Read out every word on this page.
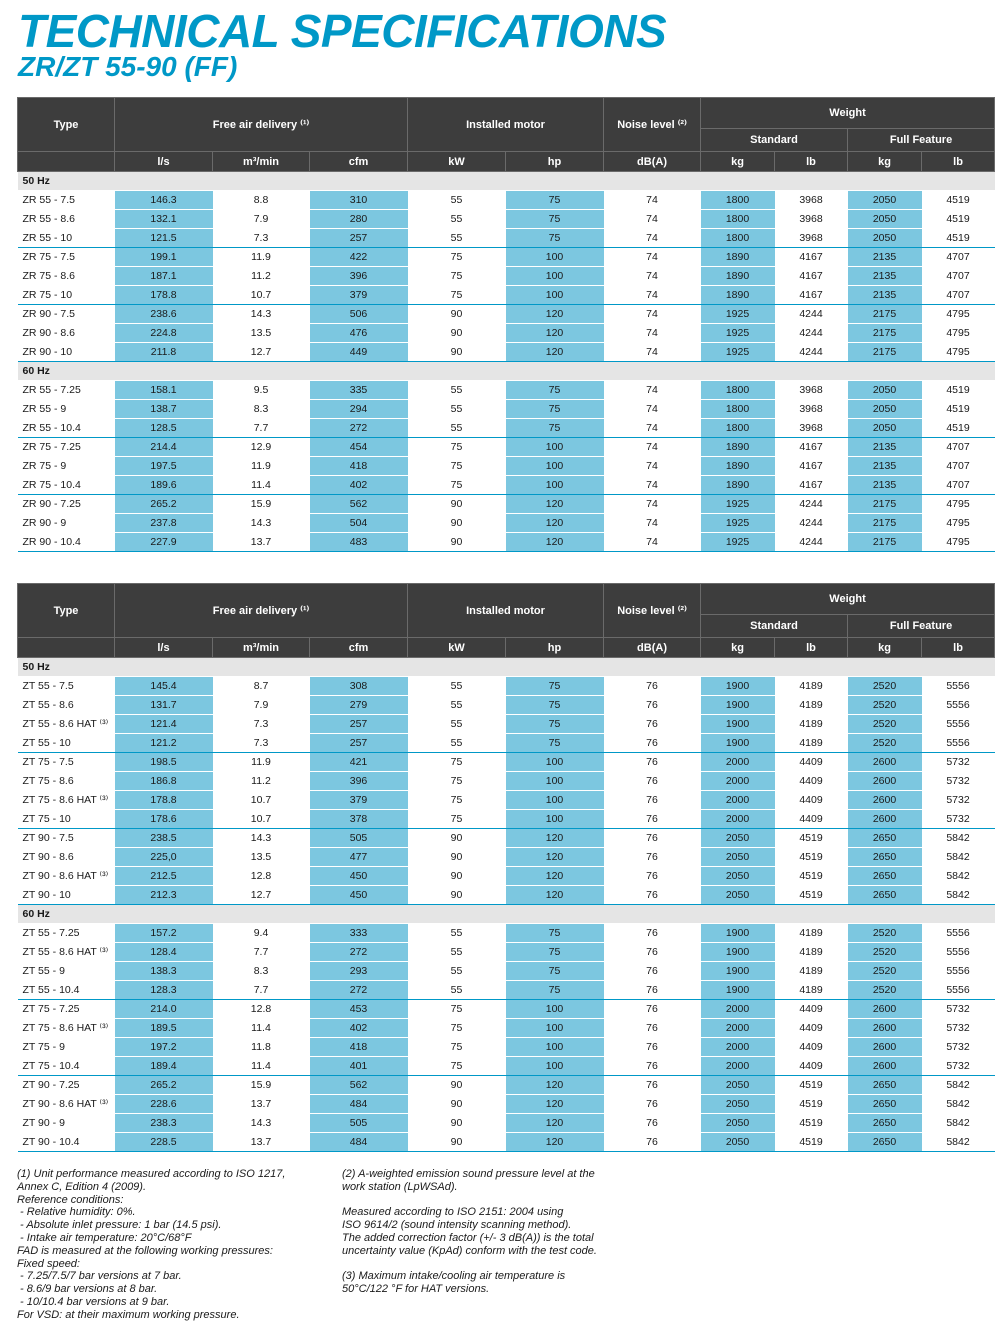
TECHNICAL SPECIFICATIONS
ZR/ZT 55-90 (FF)
Type	Free air delivery ⁽¹⁾			Installed motor		Noise level ⁽²⁾	Weight			
							Standard		Full Feature	
	l/s	m³/min	cfm	kW	hp	dB(A)	kg	lb	kg	lb
50 Hz										
ZR 55 - 7.5	146.3	8.8	310	55	75	74	1800	3968	2050	4519
ZR 55 - 8.6	132.1	7.9	280	55	75	74	1800	3968	2050	4519
ZR 55 - 10	121.5	7.3	257	55	75	74	1800	3968	2050	4519
ZR 75 - 7.5	199.1	11.9	422	75	100	74	1890	4167	2135	4707
ZR 75 - 8.6	187.1	11.2	396	75	100	74	1890	4167	2135	4707
ZR 75 - 10	178.8	10.7	379	75	100	74	1890	4167	2135	4707
ZR 90 - 7.5	238.6	14.3	506	90	120	74	1925	4244	2175	4795
ZR 90 - 8.6	224.8	13.5	476	90	120	74	1925	4244	2175	4795
ZR 90 - 10	211.8	12.7	449	90	120	74	1925	4244	2175	4795
60 Hz										
ZR 55 - 7.25	158.1	9.5	335	55	75	74	1800	3968	2050	4519
ZR 55 - 9	138.7	8.3	294	55	75	74	1800	3968	2050	4519
ZR 55 - 10.4	128.5	7.7	272	55	75	74	1800	3968	2050	4519
ZR 75 - 7.25	214.4	12.9	454	75	100	74	1890	4167	2135	4707
ZR 75 - 9	197.5	11.9	418	75	100	74	1890	4167	2135	4707
ZR 75 - 10.4	189.6	11.4	402	75	100	74	1890	4167	2135	4707
ZR 90 - 7.25	265.2	15.9	562	90	120	74	1925	4244	2175	4795
ZR 90 - 9	237.8	14.3	504	90	120	74	1925	4244	2175	4795
ZR 90 - 10.4	227.9	13.7	483	90	120	74	1925	4244	2175	4795
Type	Free air delivery ⁽¹⁾			Installed motor		Noise level ⁽²⁾	Weight			
							Standard		Full Feature	
	l/s	m³/min	cfm	kW	hp	dB(A)	kg	lb	kg	lb
50 Hz										
ZT 55 - 7.5	145.4	8.7	308	55	75	76	1900	4189	2520	5556
ZT 55 - 8.6	131.7	7.9	279	55	75	76	1900	4189	2520	5556
ZT 55 - 8.6 HAT ⁽³⁾	121.4	7.3	257	55	75	76	1900	4189	2520	5556
ZT 55 - 10	121.2	7.3	257	55	75	76	1900	4189	2520	5556
ZT 75 - 7.5	198.5	11.9	421	75	100	76	2000	4409	2600	5732
ZT 75 - 8.6	186.8	11.2	396	75	100	76	2000	4409	2600	5732
ZT 75 - 8.6 HAT ⁽³⁾	178.8	10.7	379	75	100	76	2000	4409	2600	5732
ZT 75 - 10	178.6	10.7	378	75	100	76	2000	4409	2600	5732
ZT 90 - 7.5	238.5	14.3	505	90	120	76	2050	4519	2650	5842
ZT 90 - 8.6	225,0	13.5	477	90	120	76	2050	4519	2650	5842
ZT 90 - 8.6 HAT ⁽³⁾	212.5	12.8	450	90	120	76	2050	4519	2650	5842
ZT 90 - 10	212.3	12.7	450	90	120	76	2050	4519	2650	5842
60 Hz										
ZT 55 - 7.25	157.2	9.4	333	55	75	76	1900	4189	2520	5556
ZT 55 - 8.6 HAT ⁽³⁾	128.4	7.7	272	55	75	76	1900	4189	2520	5556
ZT 55 - 9	138.3	8.3	293	55	75	76	1900	4189	2520	5556
ZT 55 - 10.4	128.3	7.7	272	55	75	76	1900	4189	2520	5556
ZT 75 - 7.25	214.0	12.8	453	75	100	76	2000	4409	2600	5732
ZT 75 - 8.6 HAT ⁽³⁾	189.5	11.4	402	75	100	76	2000	4409	2600	5732
ZT 75 - 9	197.2	11.8	418	75	100	76	2000	4409	2600	5732
ZT 75 - 10.4	189.4	11.4	401	75	100	76	2000	4409	2600	5732
ZT 90 - 7.25	265.2	15.9	562	90	120	76	2050	4519	2650	5842
ZT 90 - 8.6 HAT ⁽³⁾	228.6	13.7	484	90	120	76	2050	4519	2650	5842
ZT 90 - 9	238.3	14.3	505	90	120	76	2050	4519	2650	5842
ZT 90 - 10.4	228.5	13.7	484	90	120	76	2050	4519	2650	5842
(1) Unit performance measured according to ISO 1217,
Annex C, Edition 4 (2009).
Reference conditions:
- Relative humidity: 0%.
- Absolute inlet pressure: 1 bar (14.5 psi).
- Intake air temperature: 20°C/68°F
FAD is measured at the following working pressures:
Fixed speed:
- 7.25/7.5/7 bar versions at 7 bar.
- 8.6/9 bar versions at 8 bar.
- 10/10.4 bar versions at 9 bar.
For VSD: at their maximum working pressure.
(2) A-weighted emission sound pressure level at the
work station (LpWSAd).

Measured according to ISO 2151: 2004 using
ISO 9614/2 (sound intensity scanning method).
The added correction factor (+/- 3 dB(A)) is the total
uncertainty value (KpAd) conform with the test code.

(3) Maximum intake/cooling air temperature is
50°C/122 °F for HAT versions.
